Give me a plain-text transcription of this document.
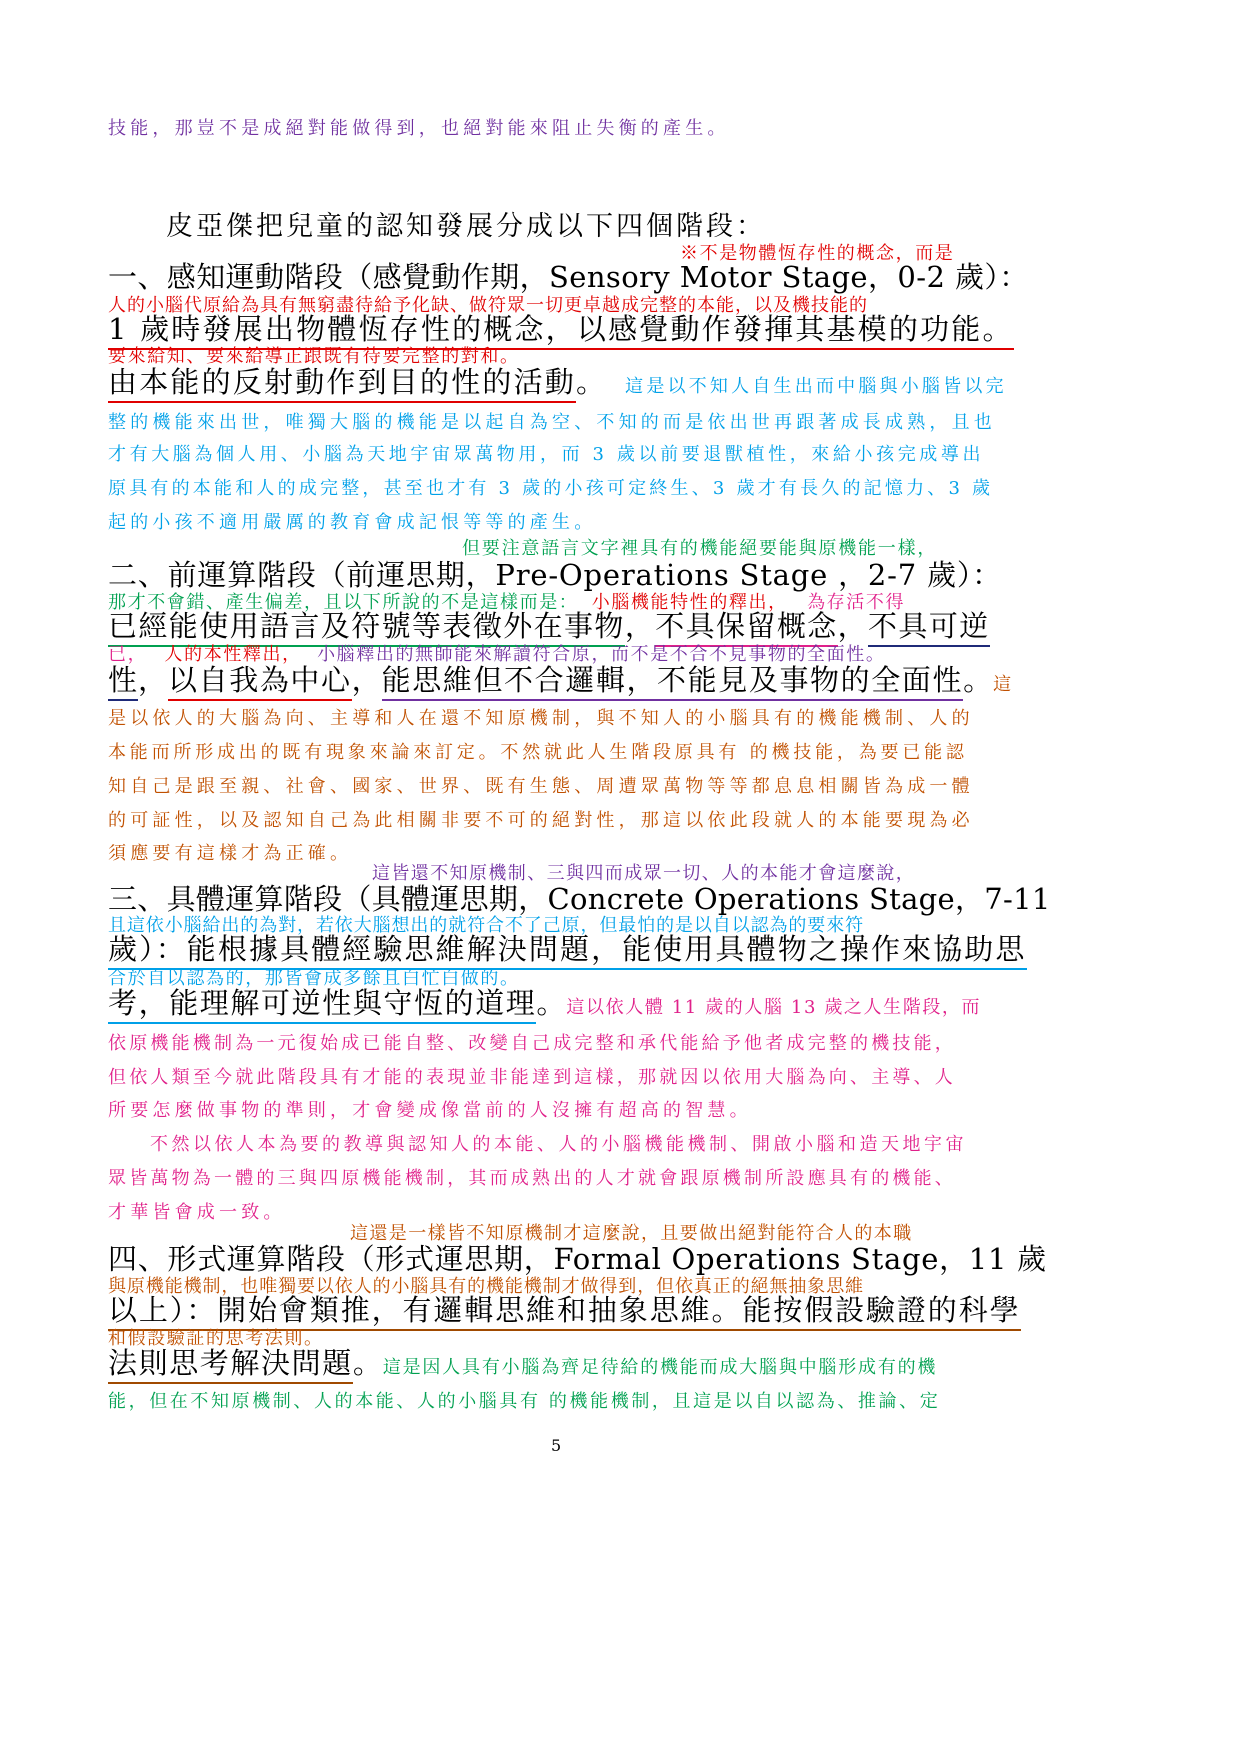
技能，那豈不是成絕對能做得到，也絕對能來阻止失衡的產生。
皮亞傑把兒童的認知發展分成以下四個階段：
※不是物體恆存性的概念，而是
一、感知運動階段（感覺動作期，Sensory Motor Stage，0-2 歲）：
人的小腦代原給為具有無窮盡待給予化缺、做符眾一切更卓越成完整的本能，以及機技能的
1 歲時發展出物體恆存性的概念，以感覺動作發揮其基模的功能。
要來給知、要來給導正跟既有待要完整的對和。
由本能的反射動作到目的性的活動。 這是以不知人自生出而中腦與小腦皆以完
整的機能來出世，唯獨大腦的機能是以起自為空、不知的而是依出世再跟著成長成熟，且也
才有大腦為個人用、小腦為天地宇宙眾萬物用，而 3 歲以前要退獸植性，來給小孩完成導出
原具有的本能和人的成完整，甚至也才有 3 歲的小孩可定終生、3 歲才有長久的記憶力、3 歲
起的小孩不適用嚴厲的教育會成記恨等等的產生。
但要注意語言文字裡具有的機能絕要能與原機能一樣，
二、前運算階段（前運思期，Pre-Operations Stage ，2-7 歲）：
那才不會錯、產生偏差，且以下所說的不是這樣而是： 小腦機能特性的釋出， 為存活不得
已經能使用語言及符號等表徵外在事物，不具保留概念，不具可逆
已， 人的本性釋出， 小腦釋出的無師能來解讀符合原，而不是不合不見事物的全面性。
性，以自我為中心，能思維但不合邏輯，不能見及事物的全面性。這
是以依人的大腦為向、主導和人在還不知原機制，與不知人的小腦具有的機能機制、人的
本能而所形成出的既有現象來論來訂定。不然就此人生階段原具有 的機技能，為要已能認
知自己是跟至親、社會、國家、世界、既有生態、周遭眾萬物等等都息息相關皆為成一體
的可証性，以及認知自己為此相關非要不可的絕對性，那這以依此段就人的本能要現為必
須應要有這樣才為正確。
這皆還不知原機制、三與四而成眾一切、人的本能才會這麼說，
三、具體運算階段（具體運思期，Concrete Operations Stage，7-11
且這依小腦給出的為對，若依大腦想出的就符合不了己原，但最怕的是以自以認為的要來符
歲）：能根據具體經驗思維解決問題，能使用具體物之操作來協助思
合於自以認為的，那皆會成多餘且白忙白做的。
考，能理解可逆性與守恆的道理。這以依人體 11 歲的人腦 13 歲之人生階段，而
依原機能機制為一元復始成已能自整、改變自己成完整和承代能給予他者成完整的機技能，
但依人類至今就此階段具有才能的表現並非能達到這樣，那就因以依用大腦為向、主導、人
所要怎麼做事物的準則，才會變成像當前的人沒擁有超高的智慧。
不然以依人本為要的教導與認知人的本能、人的小腦機能機制、開啟小腦和造天地宇宙
眾皆萬物為一體的三與四原機能機制，其而成熟出的人才就會跟原機制所設應具有的機能、
才華皆會成一致。
這還是一樣皆不知原機制才這麼說，且要做出絕對能符合人的本職
四、形式運算階段（形式運思期，Formal Operations Stage，11 歲
與原機能機制，也唯獨要以依人的小腦具有的機能機制才做得到，但依真正的絕無抽象思維
以上）：開始會類推，有邏輯思維和抽象思維。能按假設驗證的科學
和假設驗証的思考法則。
法則思考解決問題。這是因人具有小腦為齊足待給的機能而成大腦與中腦形成有的機
能，但在不知原機制、人的本能、人的小腦具有 的機能機制，且這是以自以認為、推論、定
5
